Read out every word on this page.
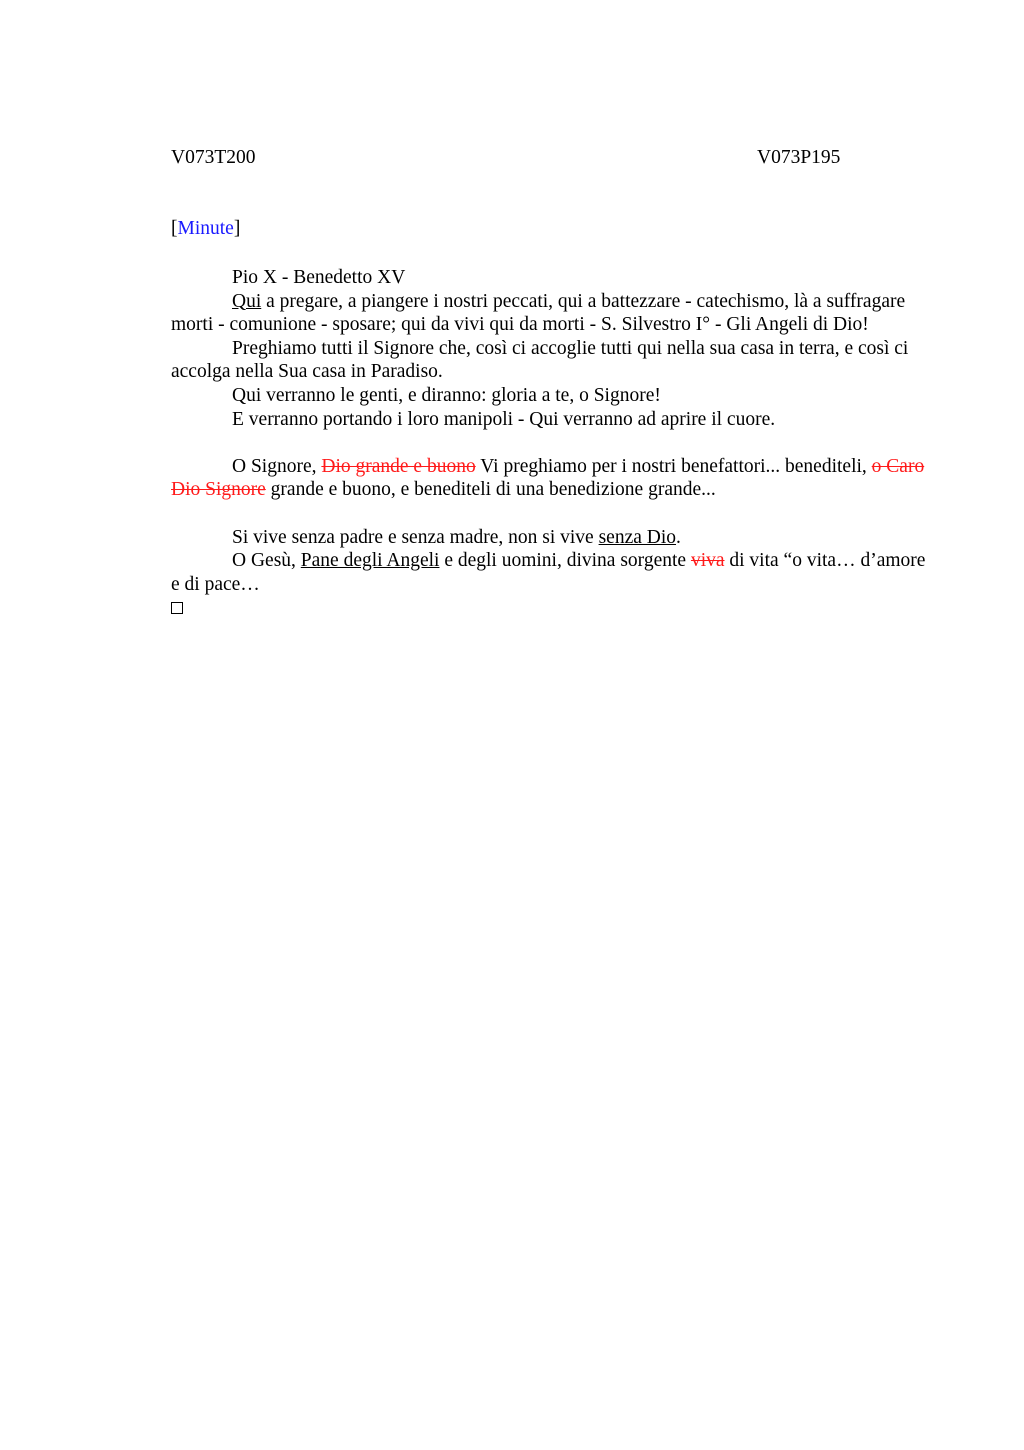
V073T200	V073P195
[Minute]

Pio X - Benedetto XV

Qui a pregare, a piangere i nostri peccati, qui a battezzare - catechismo, là a suffragare morti - comunione - sposare; qui da vivi qui da morti - S. Silvestro I° - Gli Angeli di Dio!

Preghiamo tutti il Signore che, così ci accoglie tutti qui nella sua casa in terra, e così ci accolga nella Sua casa in Paradiso.

Qui verranno le genti, e diranno: gloria a te, o Signore!

E verranno portando i loro manipoli - Qui verranno ad aprire il cuore.

O Signore, Dio grande e buono Vi preghiamo per i nostri benefattori... benediteli, o Caro Dio Signore grande e buono, e benediteli di una benedizione grande...

Si vive senza padre e senza madre, non si vive senza Dio.

O Gesù, Pane degli Angeli e degli uomini, divina sorgente viva di vita “o vita… d’amore e di pace…
